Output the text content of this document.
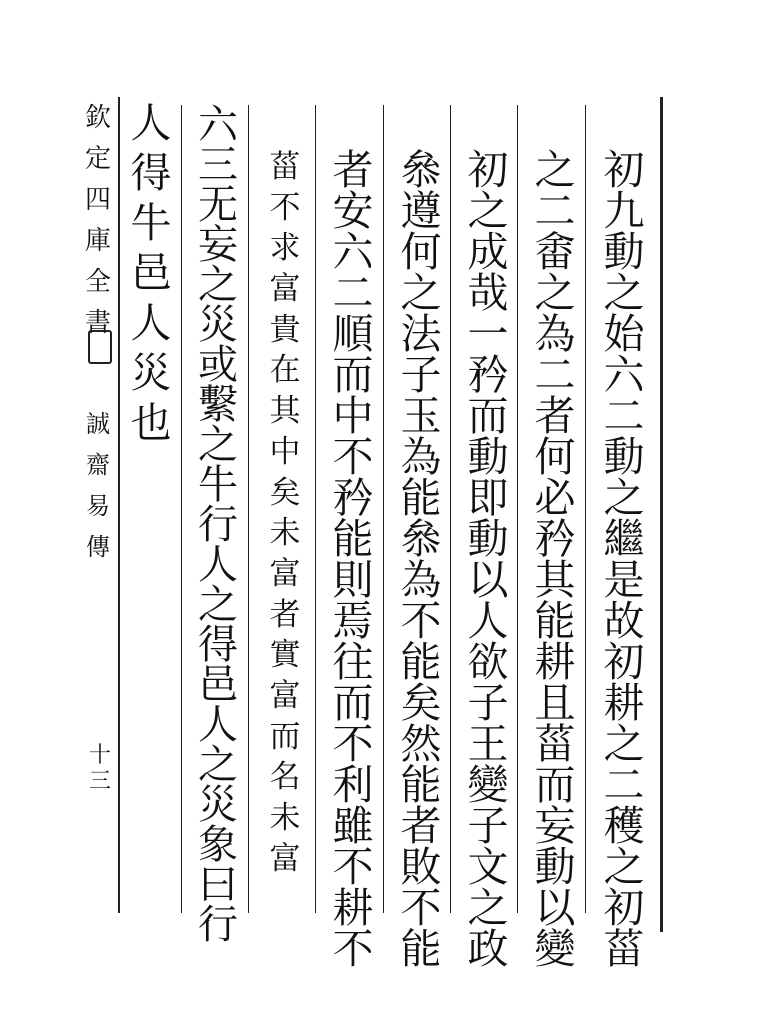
欽
定
四
庫
全
書
誠
齋
易
傳
十
三
初
九
動
之
始
六
二
動
之
繼
是
故
初
耕
之
二
穫
之
初
菑
之
二
畬
之
為
二
者
何
必
矜
其
能
耕
且
菑
而
妄
動
以
變
初
之
成
哉
一
矜
而
動
即
動
以
人
欲
子
王
變
子
文
之
政
叅
遵
何
之
法
子
玉
為
能
叅
為
不
能
矣
然
能
者
敗
不
能
者
安
六
二
順
而
中
不
矜
能
則
焉
往
而
不
利
雖
不
耕
不
菑
不
求
富
貴
在
其
中
矣
未
富
者
實
富
而
名
未
富
六
三
无
妄
之
災
或
繫
之
牛
行
人
之
得
邑
人
之
災
象
曰
行
人
得
牛
邑
人
災
也
